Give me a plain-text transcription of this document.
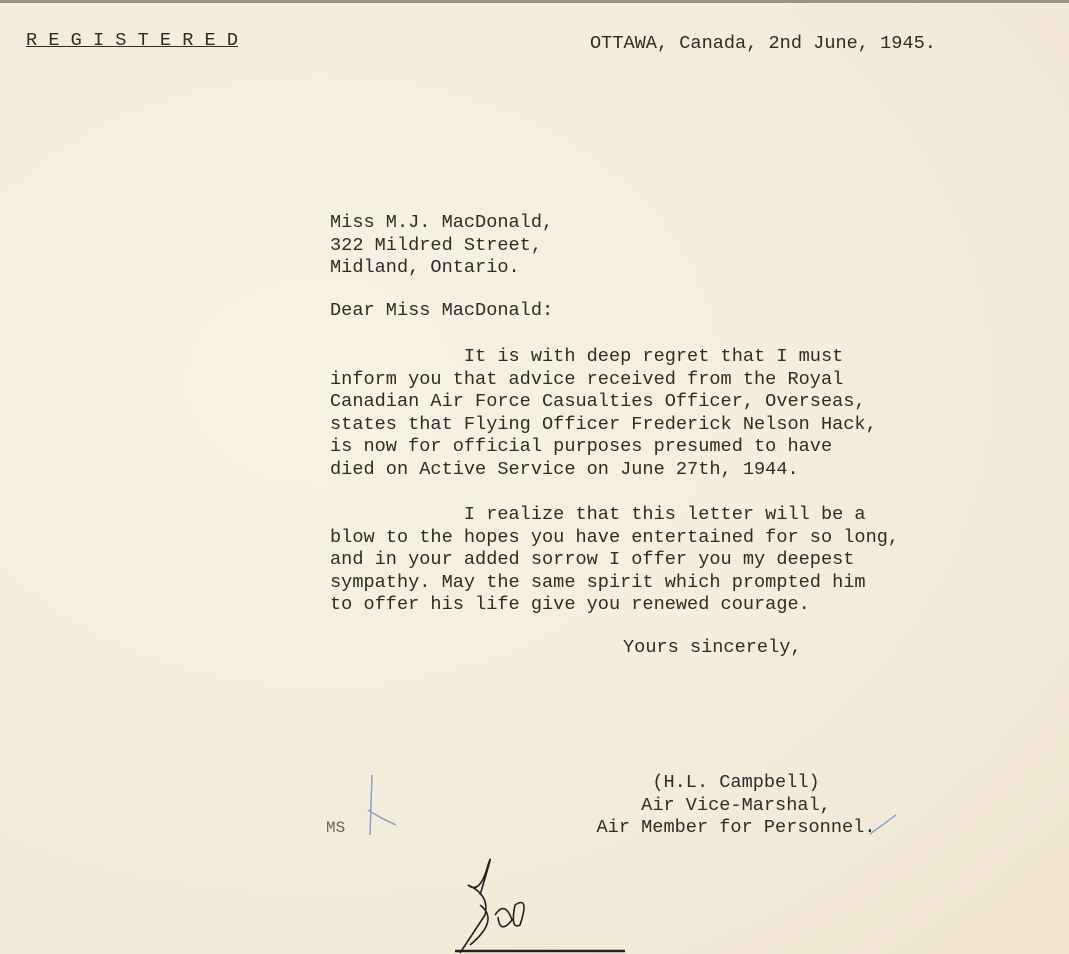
R E G I S T E R E D	OTTAWA, Canada, 2nd June, 1945.
Miss M.J. MacDonald,
322 Mildred Street,
Midland, Ontario.
Dear Miss MacDonald:
It is with deep regret that I must
inform you that advice received from the Royal
Canadian Air Force Casualties Officer, Overseas,
states that Flying Officer Frederick Nelson Hack,
is now for official purposes presumed to have
died on Active Service on June 27th, 1944.
I realize that this letter will be a
blow to the hopes you have entertained for so long,
and in your added sorrow I offer you my deepest
sympathy. May the same spirit which prompted him
to offer his life give you renewed courage.
Yours sincerely,
(H.L. Campbell)
Air Vice-Marshal,
Air Member for Personnel.
MS
